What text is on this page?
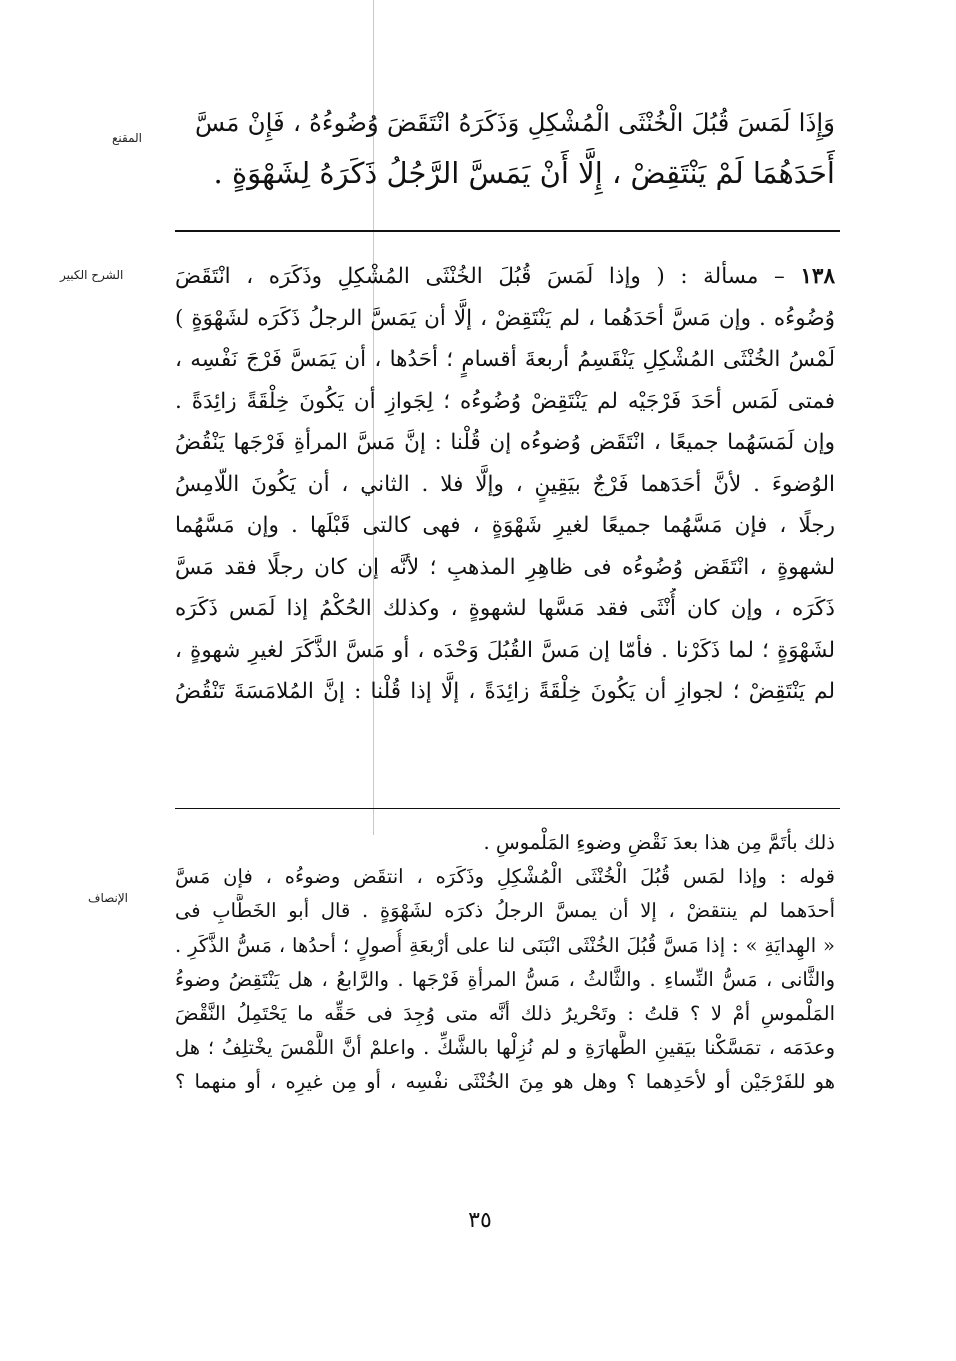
المقنع
وَإِذَا لَمَسَ قُبُلَ الْخُنْثَى الْمُشْكِلِ وَذَكَرَهُ انْتَقَضَ وُضُوءُهُ ، فَإِنْ مَسَّ
أَحَدَهُمَا لَمْ يَنْتَقِضْ ، إِلَّا أَنْ يَمَسَّ الرَّجُلُ ذَكَرَهُ لِشَهْوَةٍ .
الشرح الكبير	١٣٨ – مسألة : ( وإذا لَمَسَ قُبُلَ الخُنْثَى المُشْكِلِ وذَكَرَه ، انْتَقَضَ
وُضُوءُه . وإن مَسَّ أحَدَهُما ، لم يَنْتَقِضْ ، إلَّا أن يَمَسَّ الرجلُ ذَكَرَه لشَهْوَةٍ )
لَمْسُ الخُنْثَى المُشْكِلِ يَنْقَسِمُ أربعةَ أقسامٍ ؛ أحَدُها ، أن يَمَسَّ فَرْجَ نَفْسِه ،
فمتى لَمَس أحَدَ فَرْجَيْه لم يَنْتَقِضْ وُضُوءُه ؛ لِجَوازِ أن يَكُونَ خِلْقَةً زائِدَةً .
وإن لَمَسَهُما جميعًا ، انْتَقَض وُضوءُه إن قُلْنا : إنَّ مَسَّ المرأةِ فَرْجَها يَنْقُضُ
الوُضوءَ . لأنَّ أحَدَهما فَرْجٌ بيَقِينٍ ، وإلَّا فلا . الثاني ، أن يَكُونَ اللّامِسُ
رجلًا ، فإن مَسَّهُما جميعًا لغيرِ شَهْوَةٍ ، فهى كالتى قَبْلَها . وإن مَسَّهُما
لشهوةٍ ، انْتَقَض وُضُوءُه فى ظاهِرِ المذهبِ ؛ لأنَّه إن كان رجلًا فقد مَسَّ
ذَكَرَه ، وإن كان أُنْثَى فقد مَسَّها لشهوةٍ ، وكذلك الحُكْمُ إذا لَمَس ذَكَرَه
لشَهْوَةٍ ؛ لما ذَكَرْنا . فأمّا إن مَسَّ القُبُلَ وَحْدَه ، أو مَسَّ الذَّكَرَ لغيرِ شهوةٍ ،
لم يَنْتَقِضْ ؛ لجوازِ أن يَكُونَ خِلْقَةً زائِدَةً ، إلَّا إذا قُلْنا : إنَّ المُلامَسَةَ تَنْقُضُ
الإنصاف
ذلك بأتَمَّ مِن هذا بعدَ نَقْضِ وضوءِ المَلْموسِ .
قوله : وإذا لمَس قُبُلَ الْخُنْثَى الْمُشْكِلِ وذَكَرَه ، انتقَض وضوءُه ، فإن مَسَّ
أحدَهما لم ينتقضْ ، إلا أن يمسَّ الرجلُ ذكرَه لشَهْوَةٍ . قال أبو الخَطَّابِ فى
« الهِدايَةِ » : إذا مَسَّ قُبُلَ الخُنْثَى انْبَنَى لنا على أرْبعَةِ أُصولٍ ؛ أحدُها ، مَسُّ الذَّكَرِ .
والثَّانى ، مَسُّ النِّساءِ . والثَّالثُ ، مَسُّ المرأةِ فَرْجَها . والرَّابعُ ، هل يَنْتَقِضُ وضوءُ
المَلْموسِ أمْ لا ؟ قلتُ : وتَحْريرُ ذلك أنَّه متى وُجِدَ فى حَقِّه ما يَحْتَمِلُ النَّقْضَ
وعدَمَه ، تمَسَّكْنا بيَقينِ الطَّهارَةِ و لم نُزِلْها بالشَّكِّ . واعلمْ أنَّ اللَّمْسَ يخْتلِفُ ؛ هل
هو للفَرْجَيْن أو لأحَدِهما ؟ وهل هو مِنَ الخُنْثَى نفْسِه ، أو مِن غيرِه ، أو منهما ؟
٣٥
